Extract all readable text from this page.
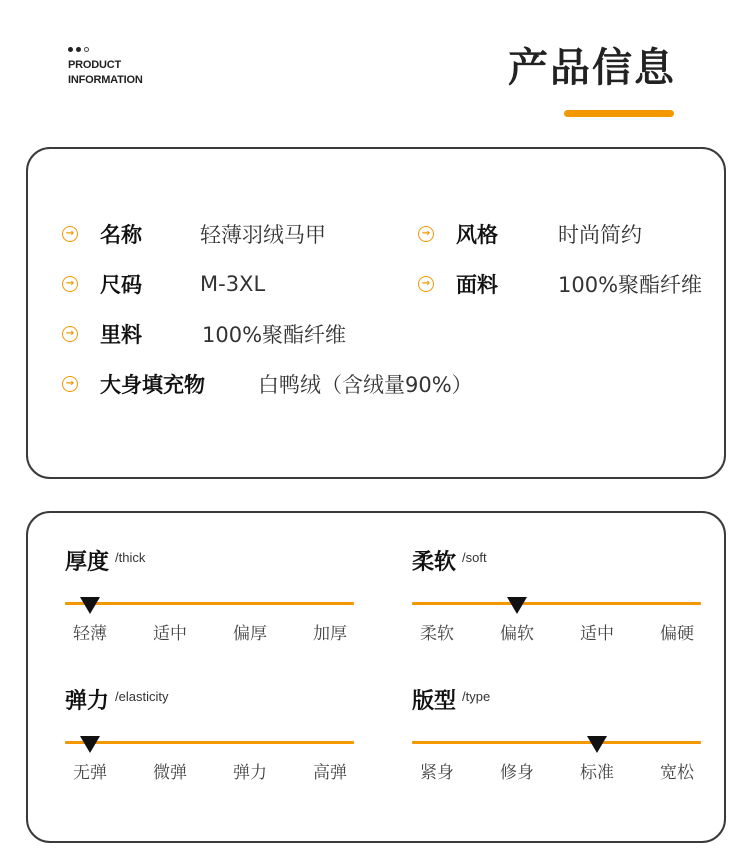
PRODUCT
INFORMATION	产品信息
→ 名称	轻薄羽绒马甲	→ 风格	时尚简约
→ 尺码	M-3XL	→ 面料	100%聚酯纤维
→ 里料	100%聚酯纤维
→ 大身填充物	白鸭绒（含绒量90%）
厚度 /thick
轻薄	适中	偏厚	加厚
柔软 /soft
柔软	偏软	适中	偏硬
弹力 /elasticity
无弹	微弹	弹力	高弹
版型 /type
紧身	修身	标准	宽松
